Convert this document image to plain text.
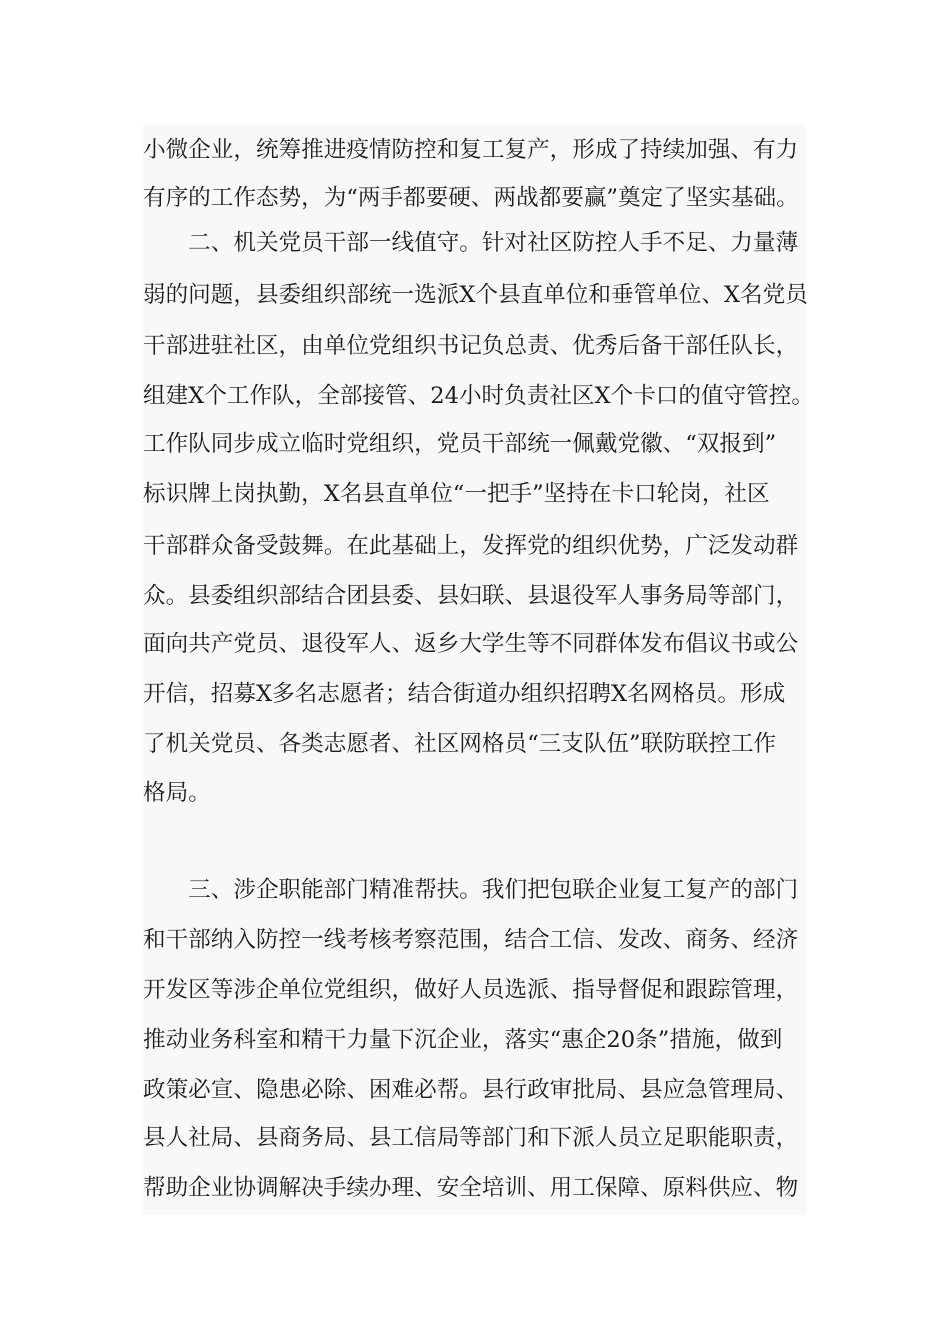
小微企业，统筹推进疫情防控和复工复产，形成了持续加强、有力
有序的工作态势，为“两手都要硬、两战都要赢”奠定了坚实基础。
　　二、机关党员干部一线值守。针对社区防控人手不足、力量薄
弱的问题，县委组织部统一选派X个县直单位和垂管单位、X名党员
干部进驻社区，由单位党组织书记负总责、优秀后备干部任队长，
组建X个工作队，全部接管、24小时负责社区X个卡口的值守管控。
工作队同步成立临时党组织，党员干部统一佩戴党徽、“双报到”
标识牌上岗执勤，X名县直单位“一把手”坚持在卡口轮岗，社区
干部群众备受鼓舞。在此基础上，发挥党的组织优势，广泛发动群
众。县委组织部结合团县委、县妇联、县退役军人事务局等部门，
面向共产党员、退役军人、返乡大学生等不同群体发布倡议书或公
开信，招募X多名志愿者；结合街道办组织招聘X名网格员。形成
了机关党员、各类志愿者、社区网格员“三支队伍”联防联控工作
格局。
　　三、涉企职能部门精准帮扶。我们把包联企业复工复产的部门
和干部纳入防控一线考核考察范围，结合工信、发改、商务、经济
开发区等涉企单位党组织，做好人员选派、指导督促和跟踪管理，
推动业务科室和精干力量下沉企业，落实“惠企20条”措施，做到
政策必宣、隐患必除、困难必帮。县行政审批局、县应急管理局、
县人社局、县商务局、县工信局等部门和下派人员立足职能职责，
帮助企业协调解决手续办理、安全培训、用工保障、原料供应、物
